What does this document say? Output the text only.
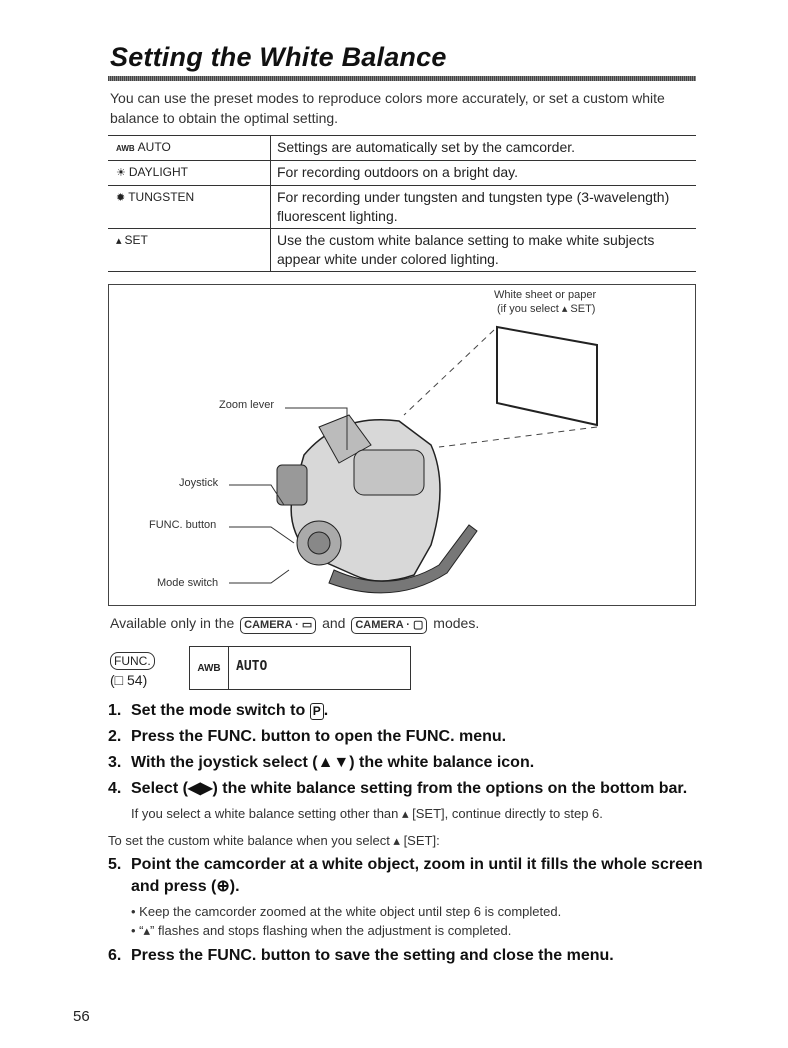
Setting the White Balance
You can use the preset modes to reproduce colors more accurately, or set a custom white balance to obtain the optimal setting.
AWB AUTO	Settings are automatically set by the camcorder.
☀ DAYLIGHT	For recording outdoors on a bright day.
✹ TUNGSTEN	For recording under tungsten and tungsten type (3-wavelength) fluorescent lighting.
▴ SET	Use the custom white balance setting to make white subjects appear white under colored lighting.
White sheet or paper
(if you select ▴ SET)
Zoom lever
Joystick
FUNC. button
Mode switch
Available only in the CAMERA · ▭ and CAMERA · ▢ modes.
FUNC.
(□ 54)
AWB	AUTO
1. Set the mode switch to P .
2. Press the FUNC. button to open the FUNC. menu.
3. With the joystick select (▲▼) the white balance icon.
4. Select (◀▶) the white balance setting from the options on the bottom bar.
If you select a white balance setting other than ▴ [SET], continue directly to step 6.
To set the custom white balance when you select ▴ [SET]:
5. Point the camcorder at a white object, zoom in until it fills the whole screen and press (⊕).
• Keep the camcorder zoomed at the white object until step 6 is completed.
• “▴” flashes and stops flashing when the adjustment is completed.
6. Press the FUNC. button to save the setting and close the menu.
56
